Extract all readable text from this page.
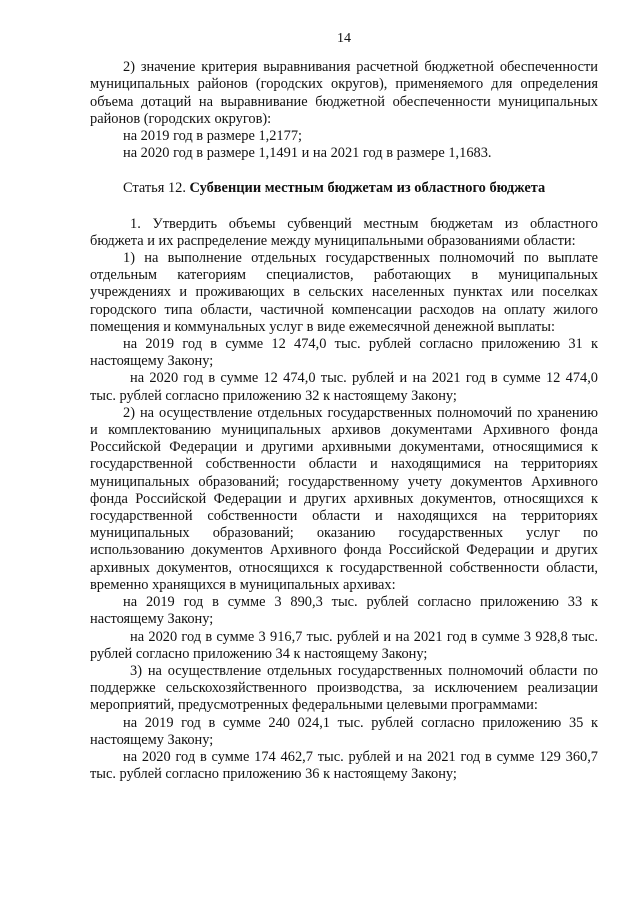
14

2) значение критерия выравнивания расчетной бюджетной обеспеченности муниципальных районов (городских округов), применяемого для определения объема дотаций на выравнивание бюджетной обеспеченности муниципальных районов (городских округов):

на 2019 год в размере 1,2177;

на 2020 год в размере 1,1491 и на 2021 год в размере 1,1683.

Статья 12. Субвенции местным бюджетам из областного бюджета

1. Утвердить объемы субвенций местным бюджетам из областного бюджета и их распределение между муниципальными образованиями области:

1) на выполнение отдельных государственных полномочий по выплате отдельным категориям специалистов, работающих в муниципальных учреждениях и проживающих в сельских населенных пунктах или поселках городского типа области, частичной компенсации расходов на оплату жилого помещения и коммунальных услуг в виде ежемесячной денежной выплаты:

на 2019 год в сумме 12 474,0 тыс. рублей согласно приложению 31 к настоящему Закону;

на 2020 год в сумме 12 474,0 тыс. рублей и на 2021 год в сумме 12 474,0 тыс. рублей согласно приложению 32 к настоящему Закону;

2) на осуществление отдельных государственных полномочий по хранению и комплектованию муниципальных архивов документами Архивного фонда Российской Федерации и другими архивными документами, относящимися к государственной собственности области и находящимися на территориях муниципальных образований; государственному учету документов Архивного фонда Российской Федерации и других архивных документов, относящихся к государственной собственности области и находящихся на территориях муниципальных образований; оказанию государственных услуг по использованию документов Архивного фонда Российской Федерации и других архивных документов, относящихся к государственной собственности области, временно хранящихся в муниципальных архивах:

на 2019 год в сумме 3 890,3 тыс. рублей согласно приложению 33 к настоящему Закону;

на 2020 год в сумме 3 916,7 тыс. рублей и на 2021 год в сумме 3 928,8 тыс. рублей согласно приложению 34 к настоящему Закону;

3) на осуществление отдельных государственных полномочий области по поддержке сельскохозяйственного производства, за исключением реализации мероприятий, предусмотренных федеральными целевыми программами:

на 2019 год в сумме 240 024,1 тыс. рублей согласно приложению 35 к настоящему Закону;

на 2020 год в сумме 174 462,7 тыс. рублей и на 2021 год в сумме 129 360,7 тыс. рублей согласно приложению 36 к настоящему Закону;
